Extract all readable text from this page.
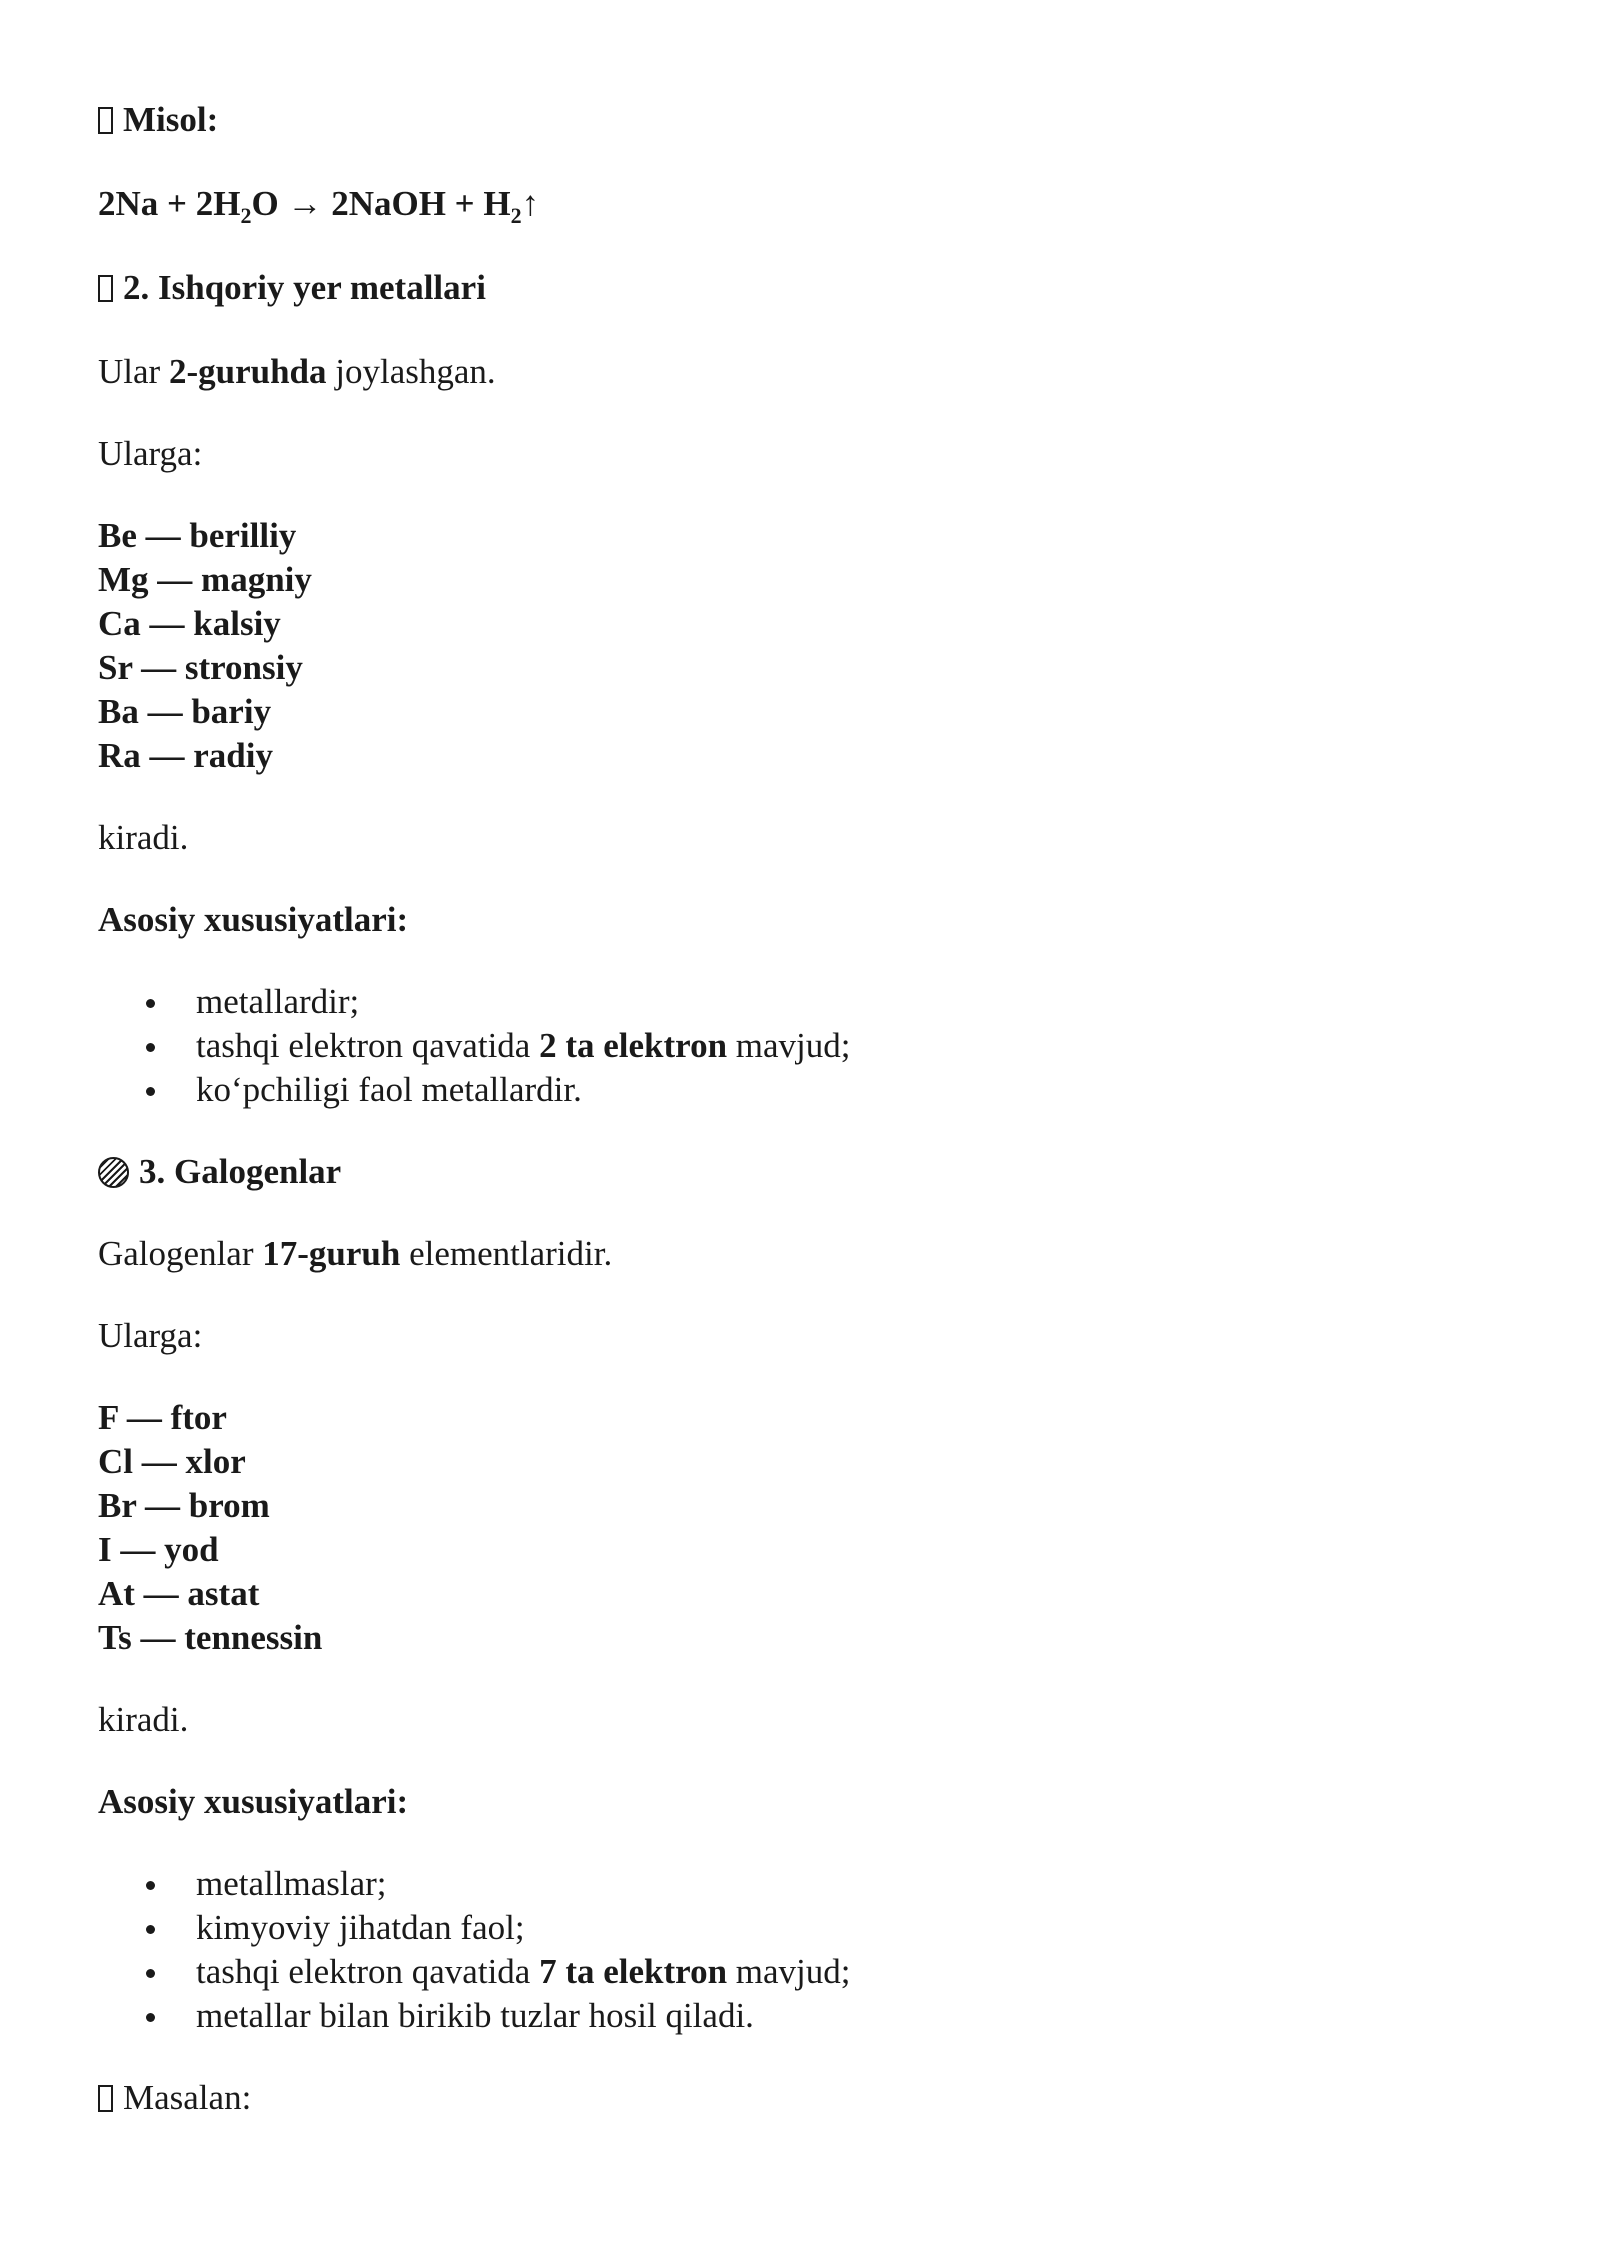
Misol:

$2Na + 2H_2O$ → 2NaOH + $H_2↑$

2. Ishqoriy yer metallari

Ular 2-guruhda joylashgan.

Ularga:

Be — berilliy
Mg — magniy
Ca — kalsiy
Sr — stronsiy
Ba — bariy
Ra — radiy

kiradi.

Asosiy xususiyatlari:

metallardir;
tashqi elektron qavatida 2 ta elektron mavjud;
ko‘pchiligi faol metallardir.

3. Galogenlar

Galogenlar 17-guruh elementlaridir.

Ularga:

F — ftor
Cl — xlor
Br — brom
I — yod
At — astat
Ts — tennessin

kiradi.

Asosiy xususiyatlari:

metallmaslar;
kimyoviy jihatdan faol;
tashqi elektron qavatida 7 ta elektron mavjud;
metallar bilan birikib tuzlar hosil qiladi.

Masalan:
